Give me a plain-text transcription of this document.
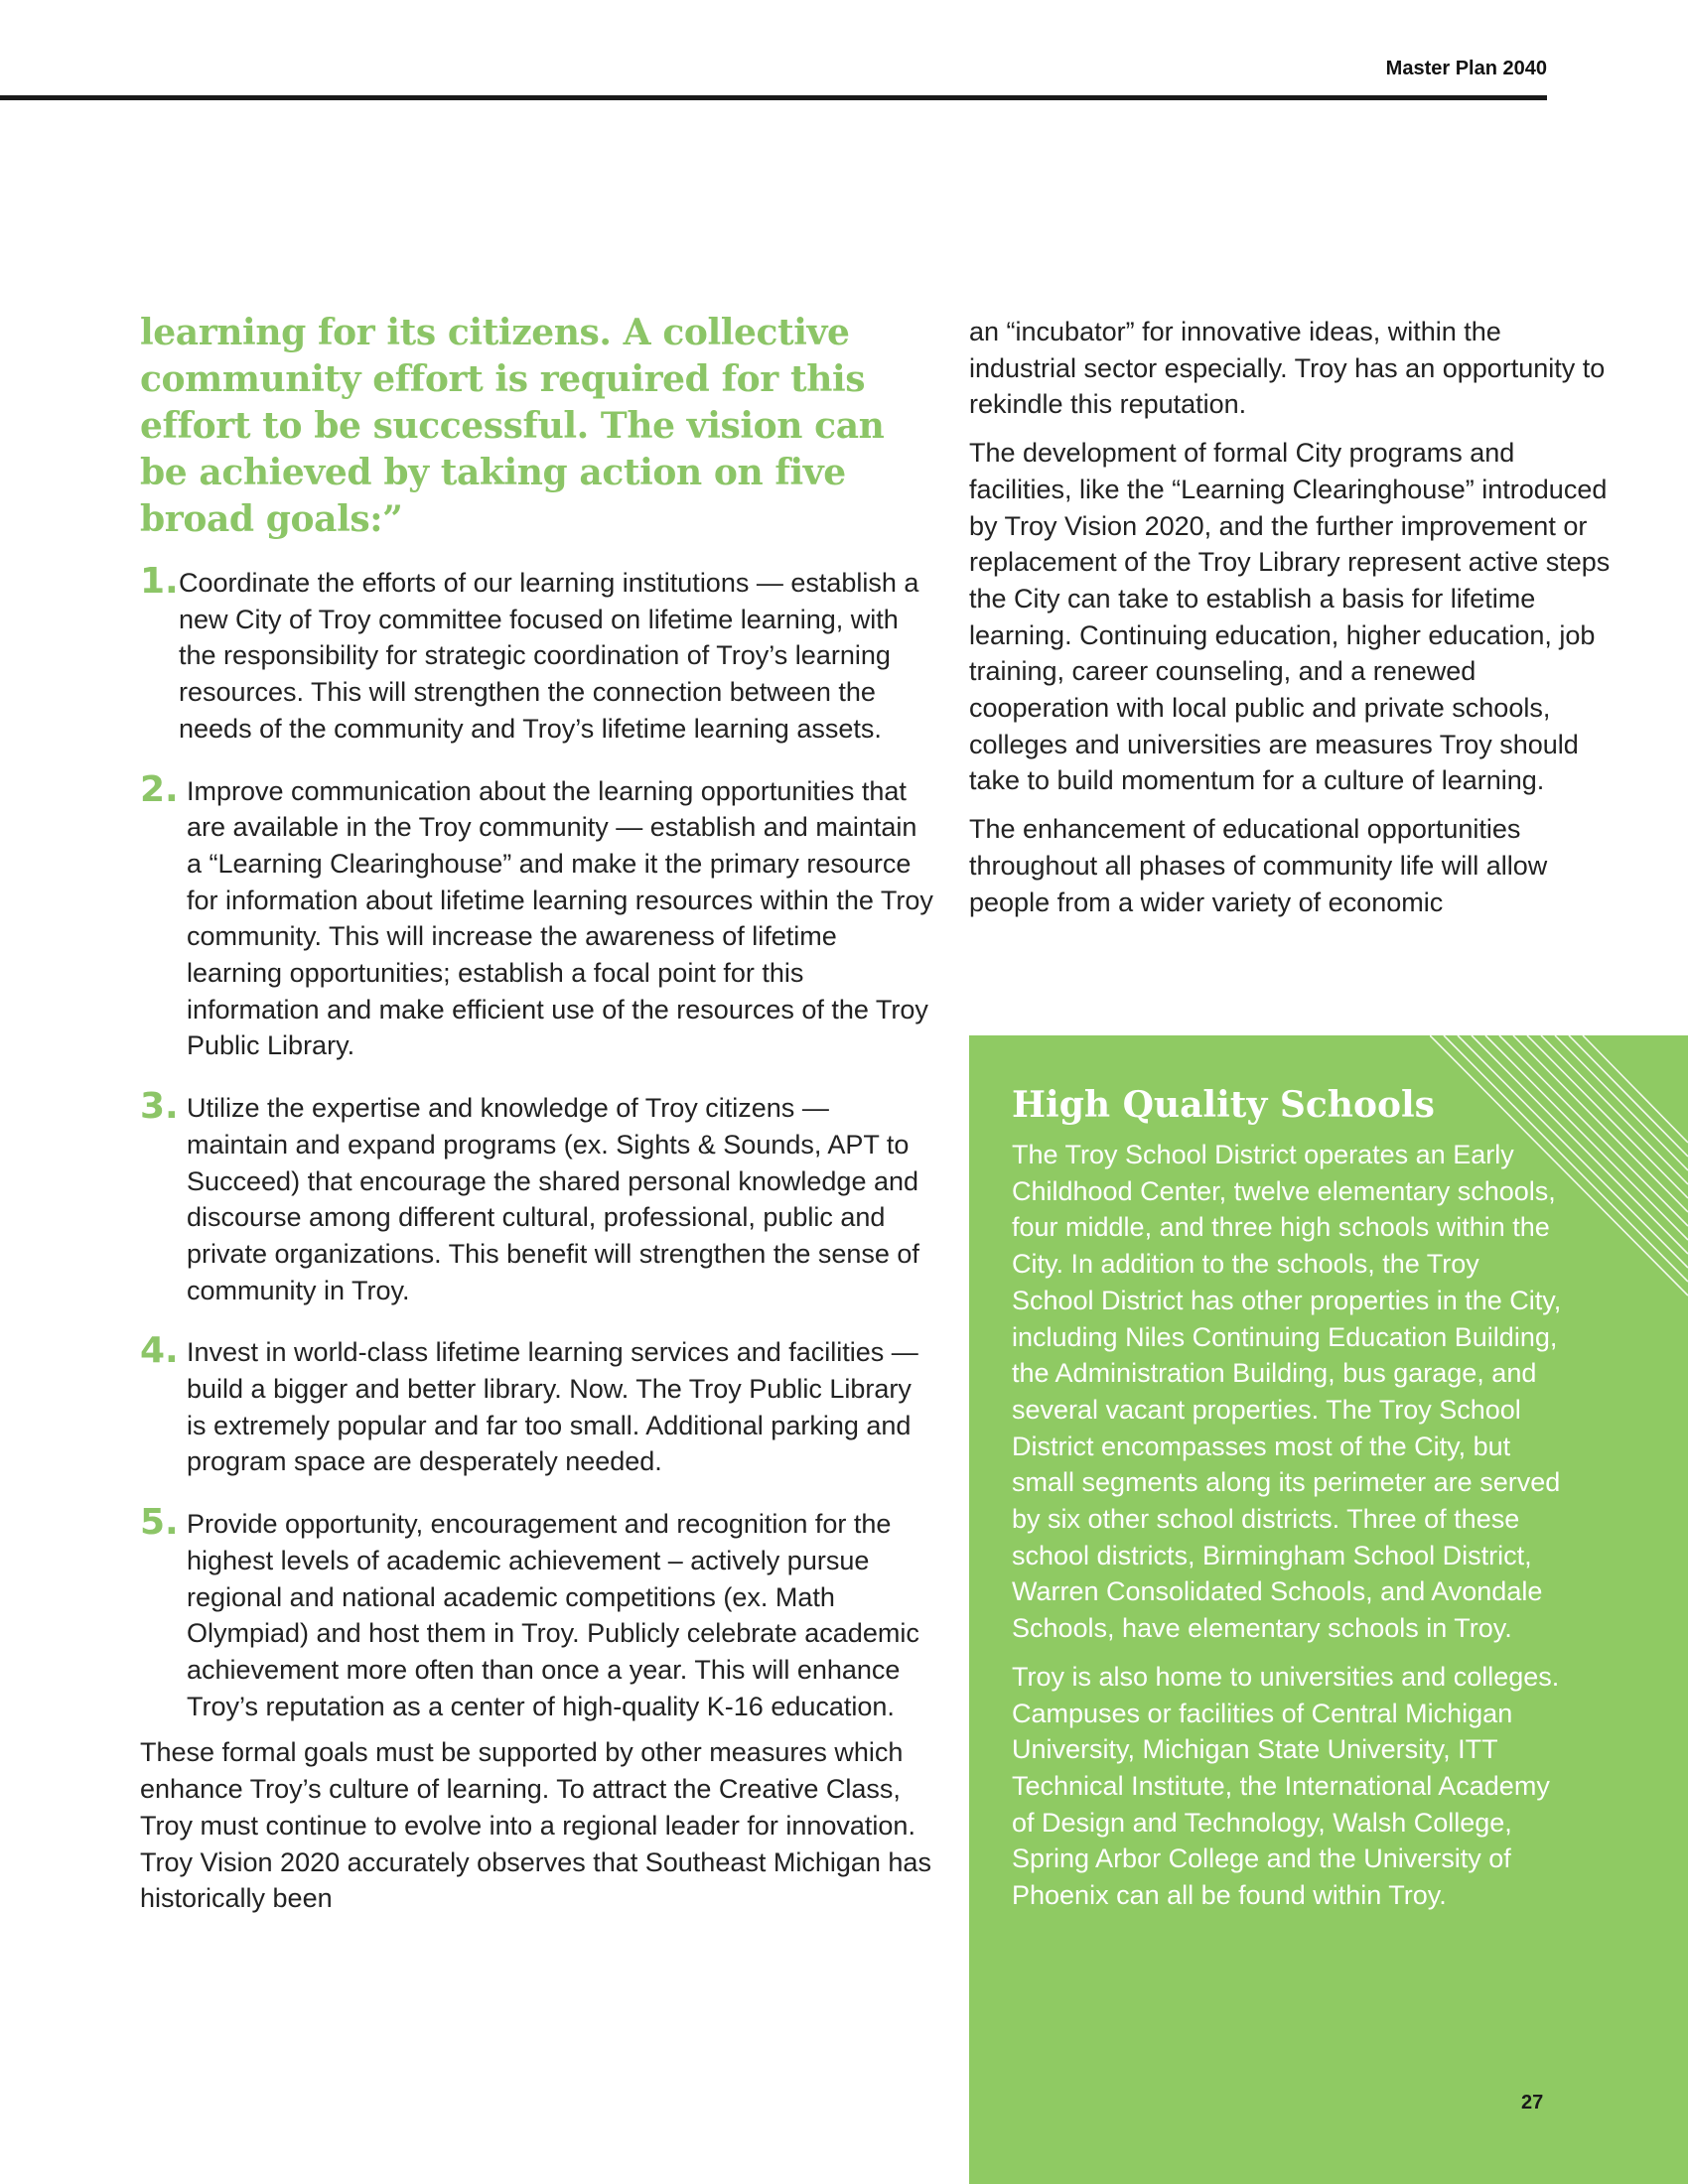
Master Plan 2040

learning for its citizens. A collective community effort is required for this effort to be successful. The vision can be achieved by taking action on five broad goals:”

1. Coordinate the efforts of our learning institutions — establish a new City of Troy committee focused on lifetime learning, with the responsibility for strategic coordination of Troy’s learning resources. This will strengthen the connection between the needs of the community and Troy’s lifetime learning assets.
2. Improve communication about the learning opportunities that are available in the Troy community — establish and maintain a “Learning Clearinghouse” and make it the primary resource for information about lifetime learning resources within the Troy community. This will increase the awareness of lifetime learning opportunities; establish a focal point for this information and make efficient use of the resources of the Troy Public Library.
3. Utilize the expertise and knowledge of Troy citizens — maintain and expand programs (ex. Sights & Sounds, APT to Succeed) that encourage the shared personal knowledge and discourse among different cultural, professional, public and private organizations. This benefit will strengthen the sense of community in Troy.
4. Invest in world-class lifetime learning services and facilities — build a bigger and better library. Now. The Troy Public Library is extremely popular and far too small. Additional parking and program space are desperately needed.
5. Provide opportunity, encouragement and recognition for the highest levels of academic achievement – actively pursue regional and national academic competitions (ex. Math Olympiad) and host them in Troy. Publicly celebrate academic achievement more often than once a year. This will enhance Troy’s reputation as a center of high-quality K-16 education.

These formal goals must be supported by other measures which enhance Troy’s culture of learning. To attract the Creative Class, Troy must continue to evolve into a regional leader for innovation. Troy Vision 2020 accurately observes that Southeast Michigan has historically been

an “incubator” for innovative ideas, within the industrial sector especially. Troy has an opportunity to rekindle this reputation.

The development of formal City programs and facilities, like the “Learning Clearinghouse” introduced by Troy Vision 2020, and the further improvement or replacement of the Troy Library represent active steps the City can take to establish a basis for lifetime learning. Continuing education, higher education, job training, career counseling, and a renewed cooperation with local public and private schools, colleges and universities are measures Troy should take to build momentum for a culture of learning.

The enhancement of educational opportunities throughout all phases of community life will allow people from a wider variety of economic

High Quality Schools

The Troy School District operates an Early Childhood Center, twelve elementary schools, four middle, and three high schools within the City. In addition to the schools, the Troy School District has other properties in the City, including Niles Continuing Education Building, the Administration Building, bus garage, and several vacant properties. The Troy School District encompasses most of the City, but small segments along its perimeter are served by six other school districts. Three of these school districts, Birmingham School District, Warren Consolidated Schools, and Avondale Schools, have elementary schools in Troy.

Troy is also home to universities and colleges. Campuses or facilities of Central Michigan University, Michigan State University, ITT Technical Institute, the International Academy of Design and Technology, Walsh College, Spring Arbor College and the University of Phoenix can all be found within Troy.

27
